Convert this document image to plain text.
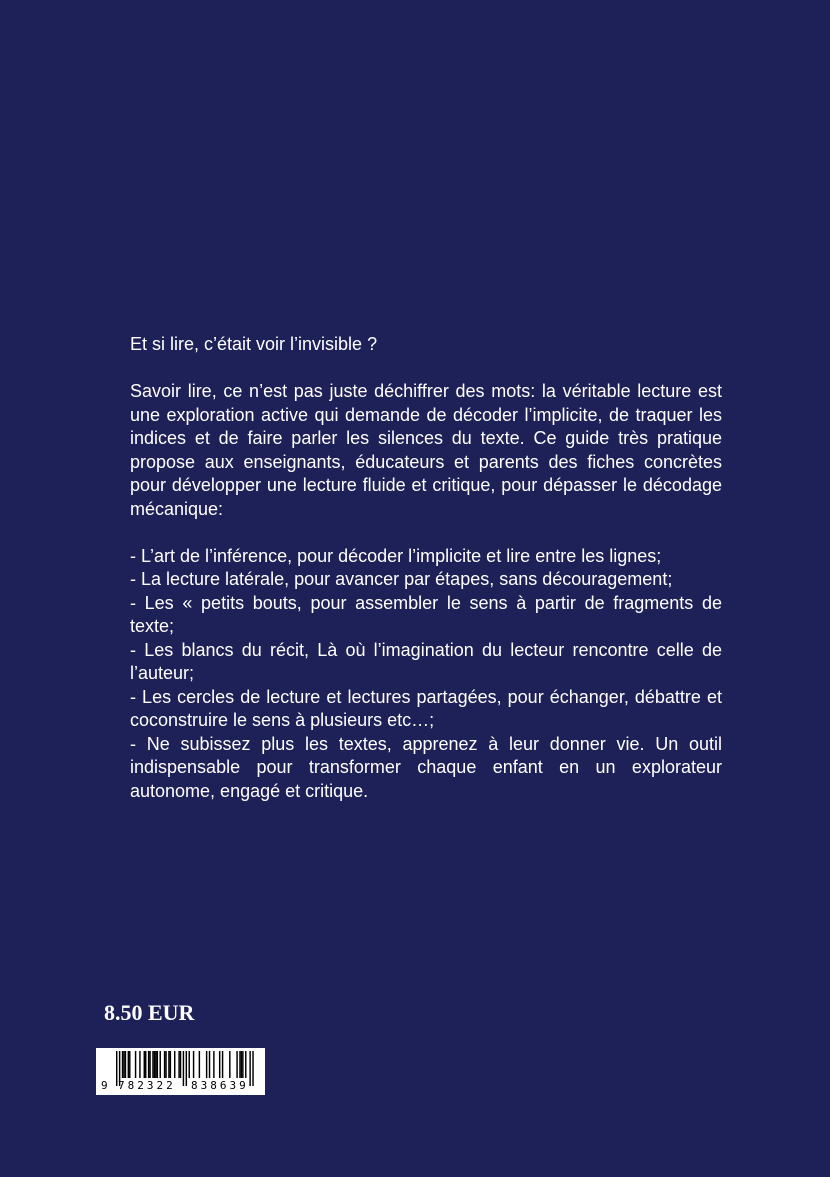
Et si lire, c’était voir l’invisible ?

Savoir lire, ce n’est pas juste déchiffrer des mots: la véritable lecture est une exploration active qui demande de décoder l’implicite, de traquer les indices et de faire parler les silences du texte. Ce guide très pratique propose aux enseignants, éducateurs et parents des fiches concrètes pour développer une lecture fluide et critique, pour dépasser le décodage mécanique:

- L’art de l’inférence, pour décoder l’implicite et lire entre les lignes;

- La lecture latérale, pour avancer par étapes, sans découragement;

- Les « petits bouts, pour assembler le sens à partir de fragments de texte;

- Les blancs du récit, Là où l’imagination du lecteur rencontre celle de l’auteur;

- Les cercles de lecture et lectures partagées, pour échanger, débattre et coconstruire le sens à plusieurs etc…;

- Ne subissez plus les textes, apprenez à leur donner vie. Un outil indispensable pour transformer chaque enfant en un explorateur autonome, engagé et critique.

8.50 EUR
9 782322 838639
